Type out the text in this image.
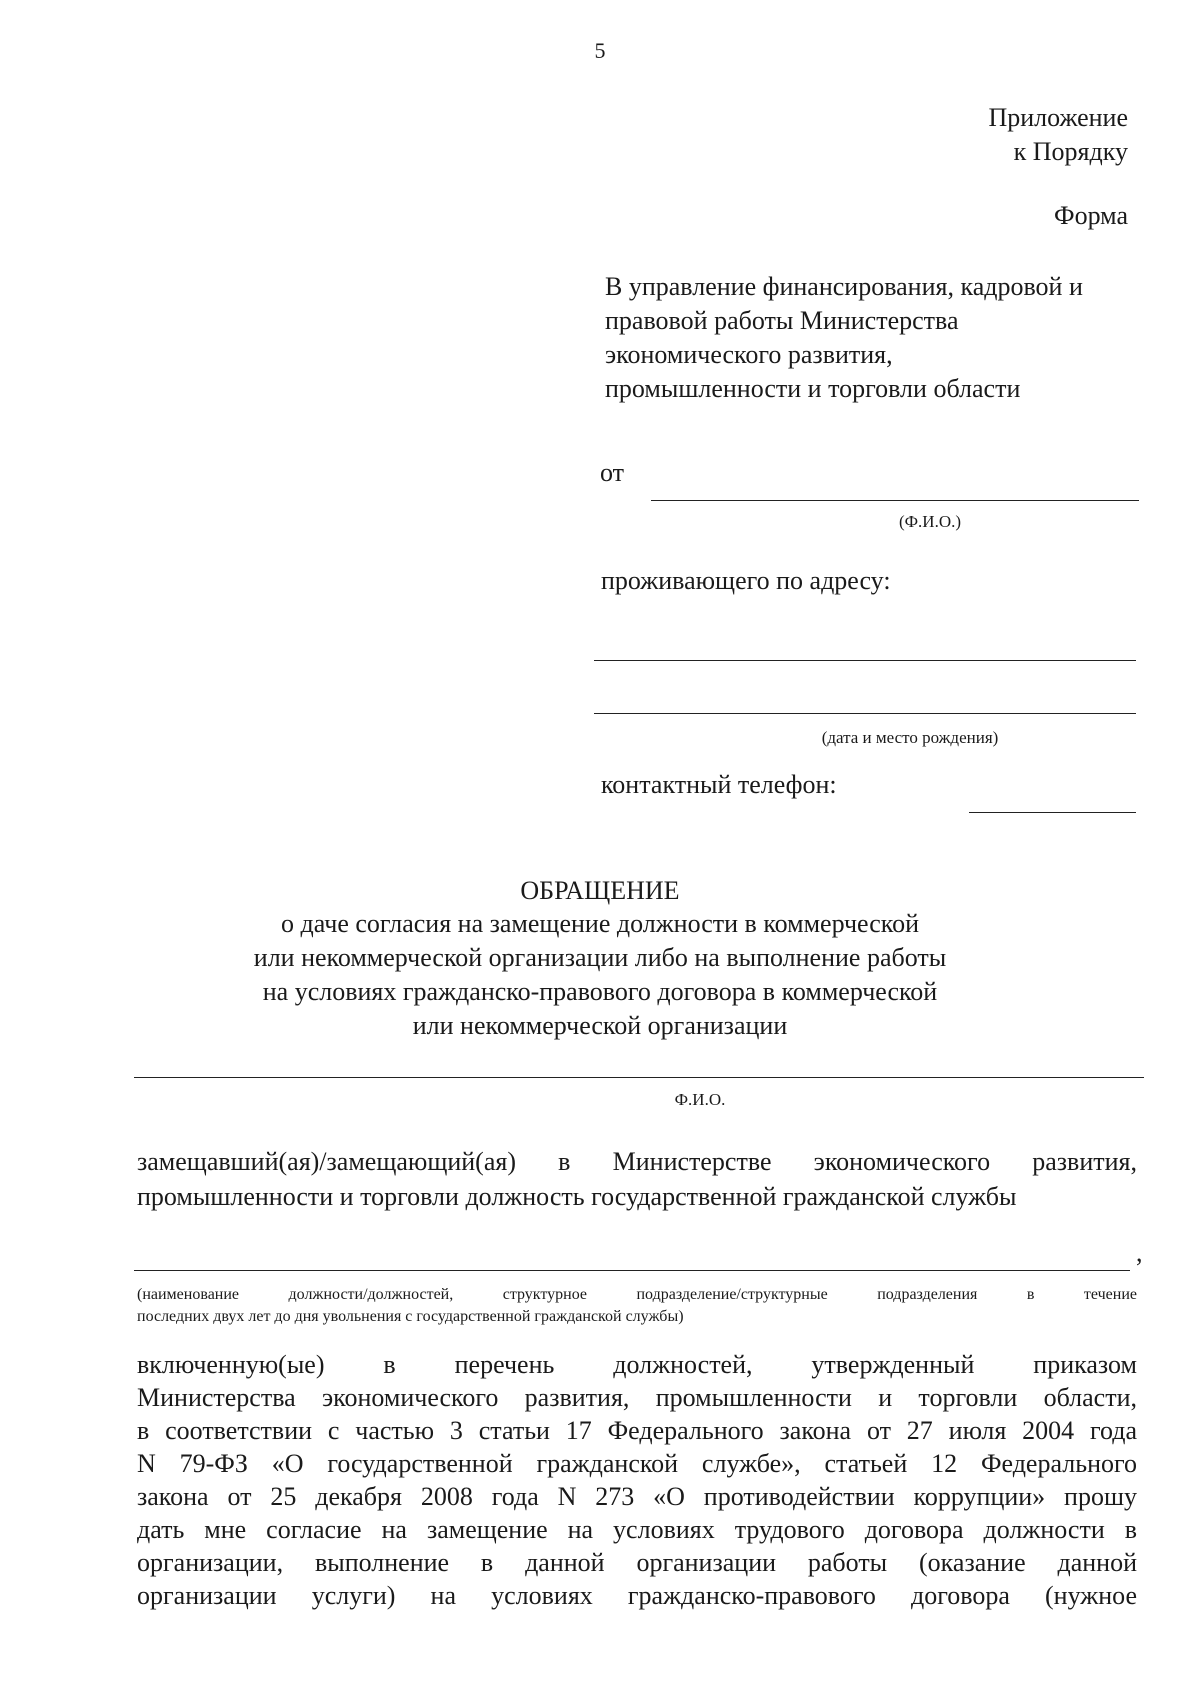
5
Приложение
к Порядку
Форма
В управление финансирования, кадровой и
правовой работы Министерства
экономического развития,
промышленности и торговли области
от
(Ф.И.О.)
проживающего по адресу:
(дата и место рождения)
контактный телефон:
ОБРАЩЕНИЕ
о даче согласия на замещение должности в коммерческой
или некоммерческой организации либо на выполнение работы
на условиях гражданско-правового договора в коммерческой
или некоммерческой организации
Ф.И.О.
замещавший(ая)/замещающий(ая) в Министерстве экономического развития,
промышленности и торговли должность государственной гражданской службы
,
(наименование должности/должностей, структурное подразделение/структурные подразделения в течение
последних двух лет до дня увольнения с государственной гражданской службы)
включенную(ые) в перечень должностей, утвержденный приказом
Министерства экономического развития, промышленности и торговли области,
в соответствии с частью 3 статьи 17 Федерального закона от 27 июля 2004 года
N 79-ФЗ «О государственной гражданской службе», статьей 12 Федерального
закона от 25 декабря 2008 года N 273 «О противодействии коррупции» прошу
дать мне согласие на замещение на условиях трудового договора должности в
организации, выполнение в данной организации работы (оказание данной
организации услуги) на условиях гражданско-правового договора (нужное
